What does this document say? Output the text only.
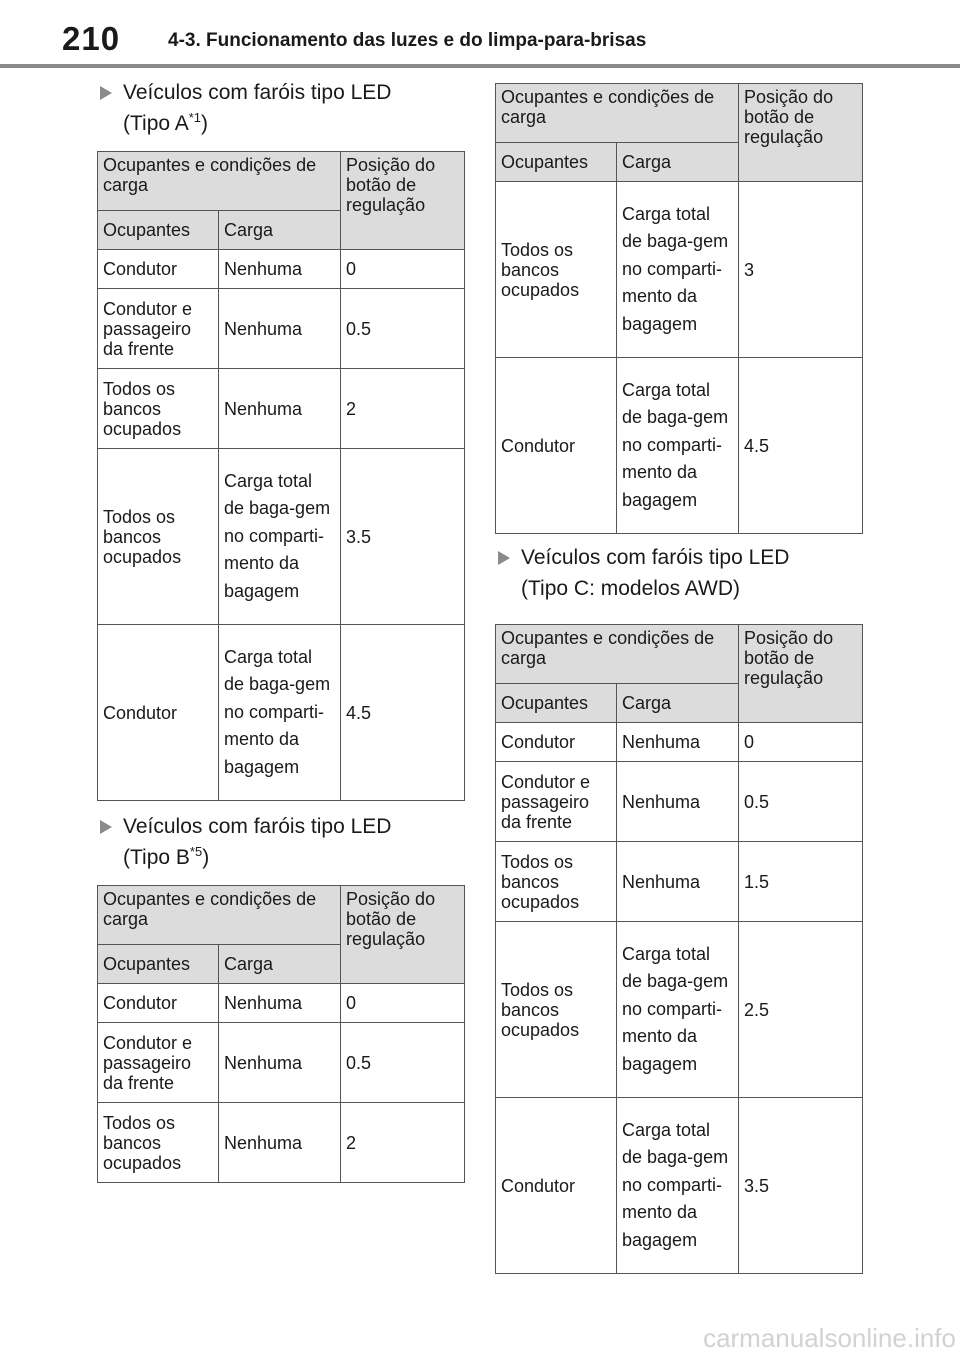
210	4-3. Funcionamento das luzes e do limpa-para-brisas
Veículos com faróis tipo LED
(Tipo $A^{*1}$)
Ocupantes e condições de carga		Posição do botão de regulação
Ocupantes	Carga	
Condutor	Nenhuma	0
Condutor e passageiro da frente	Nenhuma	0.5
Todos os bancos ocupados	Nenhuma	2
Todos os bancos ocupados	Carga total de baga-gem no comparti-mento da bagagem	3.5
Condutor	Carga total de baga-gem no comparti-mento da bagagem	4.5
Veículos com faróis tipo LED
(Tipo $B^{*5}$)
Ocupantes e condições de carga		Posição do botão de regulação
Ocupantes	Carga	
Condutor	Nenhuma	0
Condutor e passageiro da frente	Nenhuma	0.5
Todos os bancos ocupados	Nenhuma	2
Ocupantes e condições de carga		Posição do botão de regulação
Ocupantes	Carga	
Todos os bancos ocupados	Carga total de baga-gem no comparti-mento da bagagem	3
Condutor	Carga total de baga-gem no comparti-mento da bagagem	4.5
Veículos com faróis tipo LED
(Tipo C: modelos AWD)
Ocupantes e condições de carga		Posição do botão de regulação
Ocupantes	Carga	
Condutor	Nenhuma	0
Condutor e passageiro da frente	Nenhuma	0.5
Todos os bancos ocupados	Nenhuma	1.5
Todos os bancos ocupados	Carga total de baga-gem no comparti-mento da bagagem	2.5
Condutor	Carga total de baga-gem no comparti-mento da bagagem	3.5
carmanualsonline.info
